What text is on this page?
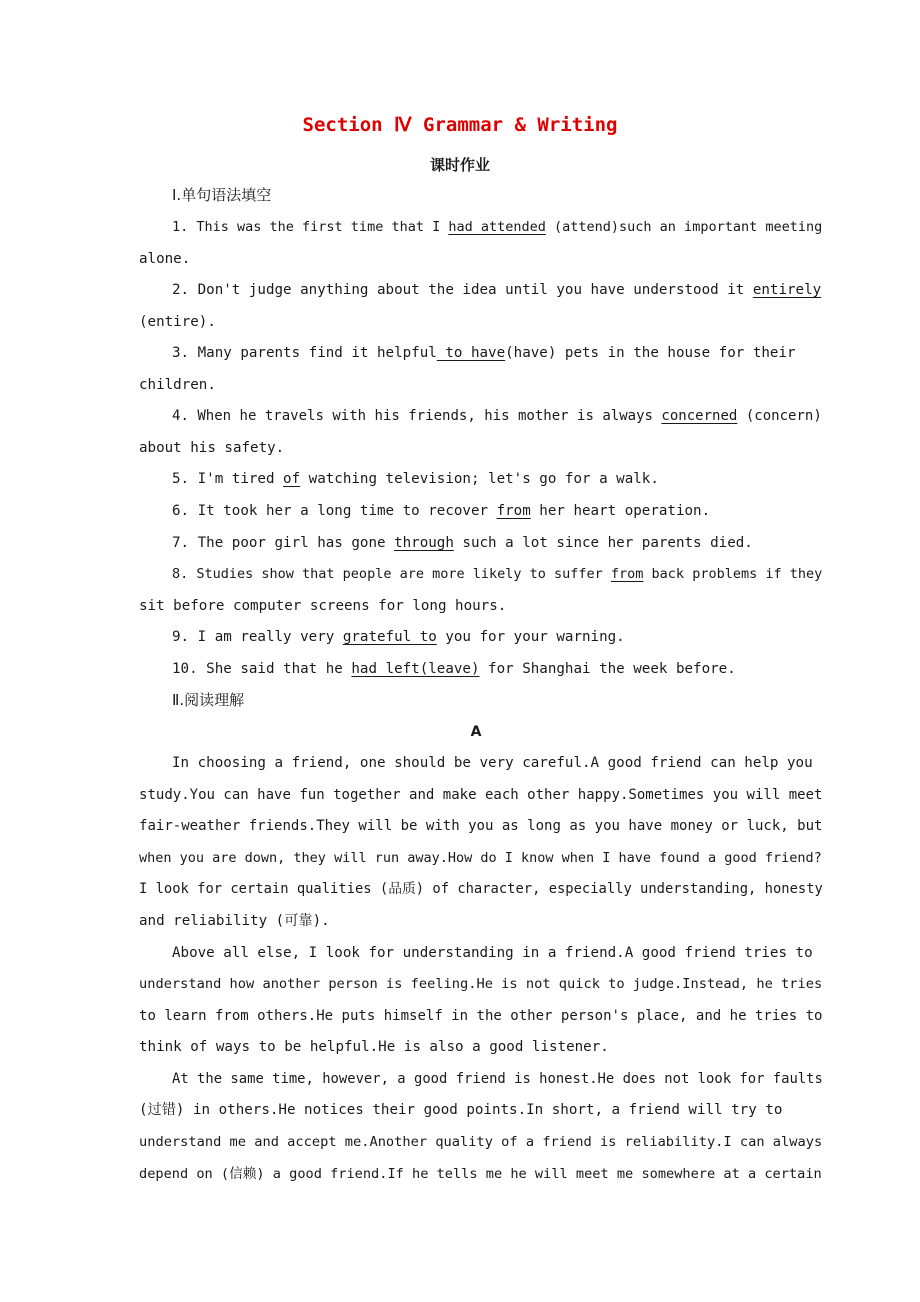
Section Ⅳ Grammar & Writing
课时作业
Ⅰ.单句语法填空
1. This was the first time that I had attended (attend)such an important meeting
alone.
2. Don't judge anything about the idea until you have understood it entirely
(entire).
3. Many parents find it helpful to have(have) pets in the house for their
children.
4. When he travels with his friends, his mother is always concerned (concern)
about his safety.
5. I'm tired of watching television; let's go for a walk.
6. It took her a long time to recover from her heart operation.
7. The poor girl has gone through such a lot since her parents died.
8. Studies show that people are more likely to suffer from back problems if they
sit before computer screens for long hours.
9. I am really very grateful to you for your warning.
10. She said that he had left(leave) for Shanghai the week before.
Ⅱ.阅读理解
A
In choosing a friend, one should be very careful.A good friend can help you
study.You can have fun together and make each other happy.Sometimes you will meet
fair-weather friends.They will be with you as long as you have money or luck, but
when you are down, they will run away.How do I know when I have found a good friend?
I look for certain qualities (品质) of character, especially understanding, honesty
and reliability (可靠).
Above all else, I look for understanding in a friend.A good friend tries to
understand how another person is feeling.He is not quick to judge.Instead, he tries
to learn from others.He puts himself in the other person's place, and he tries to
think of ways to be helpful.He is also a good listener.
At the same time, however, a good friend is honest.He does not look for faults
(过错) in others.He notices their good points.In short, a friend will try to
understand me and accept me.Another quality of a friend is reliability.I can always
depend on (信赖) a good friend.If he tells me he will meet me somewhere at a certain
